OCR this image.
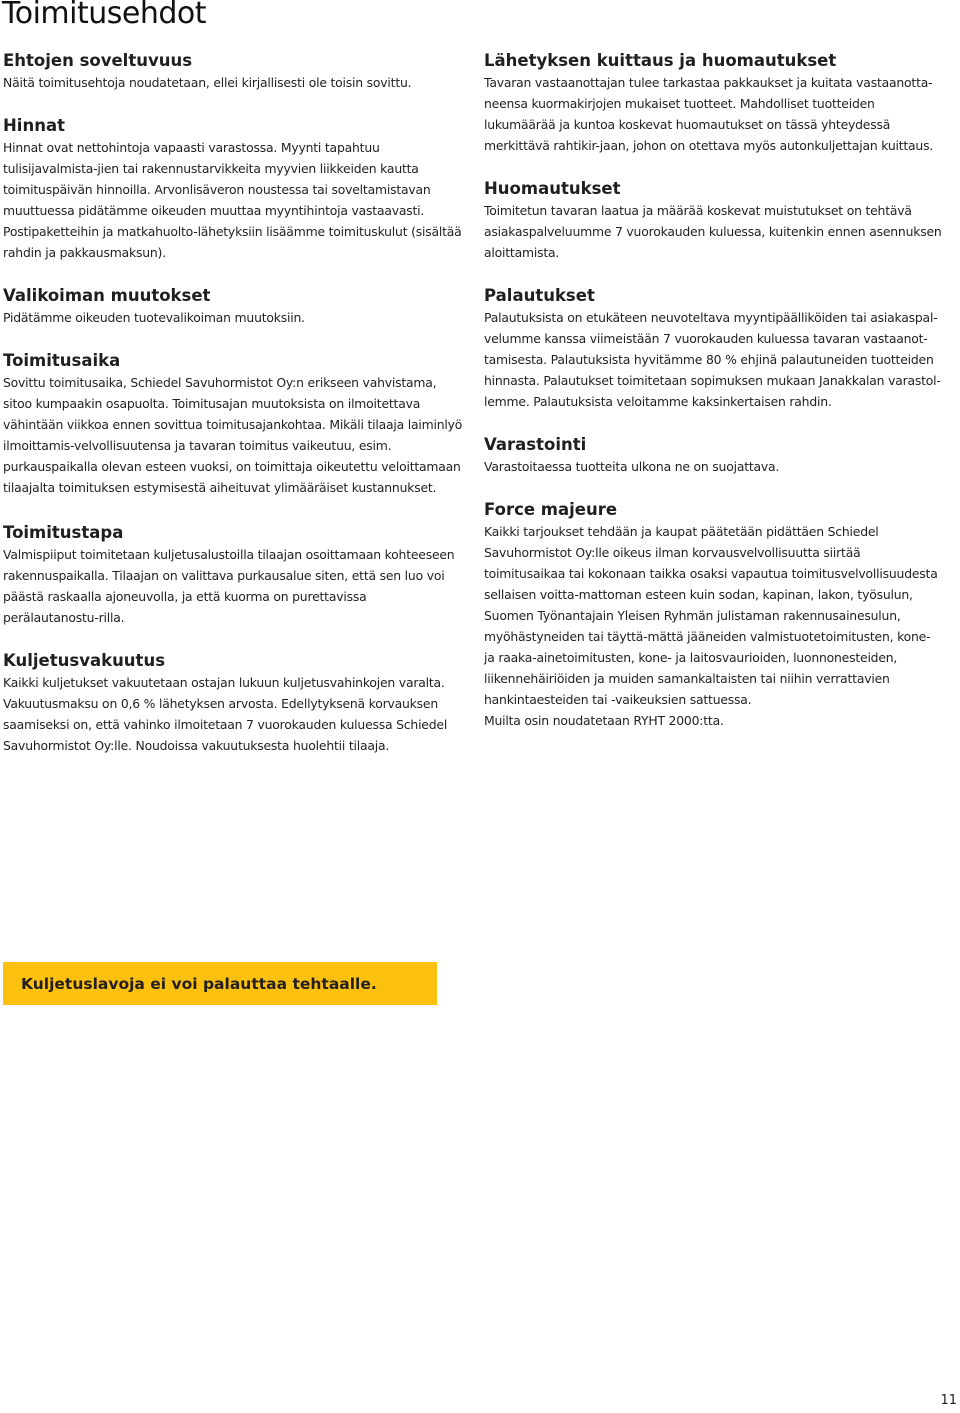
Toimitusehdot
Ehtojen soveltuvuus

Näitä toimitusehtoja noudatetaan, ellei kirjallisesti ole toisin sovittu.

Hinnat

Hinnat ovat nettohintoja vapaasti varastossa. Myynti tapahtuu tulisijavalmista-jien tai rakennustarvikkeita myyvien liikkeiden kautta toimituspäivän hinnoilla. Arvonlisäveron noustessa tai soveltamistavan muuttuessa pidätämme oikeuden muuttaa myyntihintoja vastaavasti. Postipaketteihin ja matkahuolto-lähetyksiin lisäämme toimituskulut (sisältää rahdin ja pakkausmaksun).

Valikoiman muutokset

Pidätämme oikeuden tuotevalikoiman muutoksiin.

Toimitusaika

Sovittu toimitusaika, Schiedel Savuhormistot Oy:n erikseen vahvistama, sitoo kumpaakin osapuolta. Toimitusajan muutoksista on ilmoitettava vähintään viikkoa ennen sovittua toimitusajankohtaa. Mikäli tilaaja laiminlyö ilmoittamis-velvollisuutensa ja tavaran toimitus vaikeutuu, esim. purkauspaikalla olevan esteen vuoksi, on toimittaja oikeutettu veloittamaan tilaajalta toimituksen estymisestä aiheituvat ylimääräiset kustannukset.

Toimitustapa

Valmispiiput toimitetaan kuljetusalustoilla tilaajan osoittamaan kohteeseen rakennuspaikalla. Tilaajan on valittava purkausalue siten, että sen luo voi päästä raskaalla ajoneuvolla, ja että kuorma on purettavissa perälautanostu-rilla.

Kuljetusvakuutus

Kaikki kuljetukset vakuutetaan ostajan lukuun kuljetusvahinkojen varalta. Vakuutusmaksu on 0,6 % lähetyksen arvosta. Edellytyksenä korvauksen saamiseksi on, että vahinko ilmoitetaan 7 vuorokauden kuluessa Schiedel Savuhormistot Oy:lle. Noudoissa vakuutuksesta huolehtii tilaaja.

Lähetyksen kuittaus ja huomautukset

Tavaran vastaanottajan tulee tarkastaa pakkaukset ja kuitata vastaanotta-neensa kuormakirjojen mukaiset tuotteet. Mahdolliset tuotteiden lukumäärää ja kuntoa koskevat huomautukset on tässä yhteydessä merkittävä rahtikir-jaan, johon on otettava myös autonkuljettajan kuittaus.

Huomautukset

Toimitetun tavaran laatua ja määrää koskevat muistutukset on tehtävä asiakaspalveluumme 7 vuorokauden kuluessa, kuitenkin ennen asennuksen aloittamista.

Palautukset

Palautuksista on etukäteen neuvoteltava myyntipäälliköiden tai asiakaspal-velumme kanssa viimeistään 7 vuorokauden kuluessa tavaran vastaanot-tamisesta. Palautuksista hyvitämme 80 % ehjinä palautuneiden tuotteiden hinnasta. Palautukset toimitetaan sopimuksen mukaan Janakkalan varastol-lemme. Palautuksista veloitamme kaksinkertaisen rahdin.

Varastointi

Varastoitaessa tuotteita ulkona ne on suojattava.

Force majeure

Kaikki tarjoukset tehdään ja kaupat päätetään pidättäen Schiedel Savuhormistot Oy:lle oikeus ilman korvausvelvollisuutta siirtää toimitusaikaa tai kokonaan taikka osaksi vapautua toimitusvelvollisuudesta sellaisen voitta-mattoman esteen kuin sodan, kapinan, lakon, työsulun, Suomen Työnantajain Yleisen Ryhmän julistaman rakennusainesulun, myöhästyneiden tai täyttä-mättä jääneiden valmistuotetoimitusten, kone- ja raaka-ainetoimitusten, kone- ja laitosvaurioiden, luonnonesteiden, liikennehäiriöiden ja muiden samankaltaisten tai niihin verrattavien hankintaesteiden tai -vaikeuksien sattuessa.

Muilta osin noudatetaan RYHT 2000:tta.

Kuljetuslavoja ei voi palauttaa tehtaalle.
11
